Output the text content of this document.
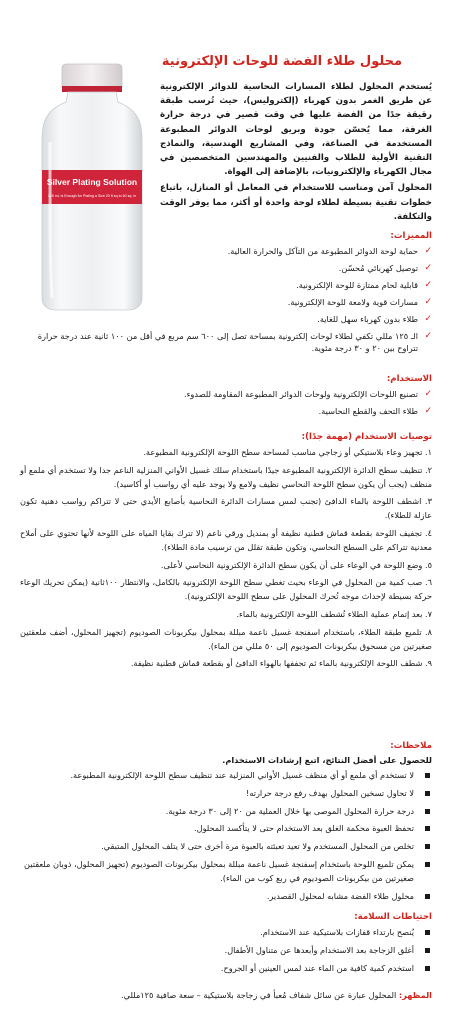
محلول طلاء الفضة للوحات الإلكترونية
Silver Plating Solution
125 mL is Enough for Plating a Size 20 ft sq to 60 sq. in

يُستخدم المحلول لطلاء المسارات النحاسية للدوائر الإلكترونية عن طريق الغمر بدون كهرباء (إلكتروليس)، حيث تُرسب طبقة رقيقة جدًا من الفضة عليها في وقت قصير في درجة حرارة الغرفة، مما يُحسّن جودة وبريق لوحات الدوائر المطبوعة المستخدمة في الصناعة، وفي المشاريع الهندسية، والنماذج التقنية الأولية للطلاب والفنيين والمهندسين المتخصصين في مجال الكهرباء والإلكترونيات، بالإضافة إلى الهواة.

المحلول آمن ومناسب للاستخدام في المعامل أو المنازل، باتباع خطوات تقنية بسيطة لطلاء لوحة واحدة أو أكثر، مما يوفر الوقت والتكلفة.

المميزات:
✓
حماية لوحة الدوائر المطبوعة من التآكل والحرارة العالية.
✓
توصيل كهربائي مُحسّن.
✓
قابلية لحام ممتازة للوحة الإلكترونية.
✓
مسارات قوية ولامعة للوحة الإلكترونية.
✓
طلاء بدون كهرباء سهل للغاية.
✓
الـ ١٢٥ مللي تكفي لطلاء لوحات إلكترونية بمساحة تصل إلى ٦٠٠ سم مربع في أقل من ١٠٠ ثانية عند درجة حرارة تتراوح بين ٢٠ و ٣٠ درجة مئوية.
الاستخدام:
✓
تصنيع اللوحات الإلكترونية ولوحات الدوائر المطبوعة المقاومة للصدوء.
✓
طلاء التحف والقطع النحاسية.
توصيات الاستخدام (مهمة جدًا):
١. تجهيز وعاء بلاستيكي أو زجاجي مناسب لمساحة سطح اللوحة الإلكترونية المطبوعة.
٢. تنظيف سطح الدائرة الإلكترونية المطبوعة جيدًا باستخدام سلك غسيل الأواني المنزلية الناعم جدا ولا تستخدم أي ملمع أو منظف (يجب أن يكون سطح اللوحة النحاسي نظيف ولامع ولا يوجد عليه أي رواسب أو أكاسيد).
٣. اشطف اللوحة بالماء الدافئ (تجنب لمس مسارات الدائرة النحاسية بأصابع الأيدي حتى لا تتراكم رواسب دهنية تكون عازلة للطلاء).
٤. تجفيف اللوحة بقطعة قماش قطنية نظيفة أو بمنديل ورقي ناعم (لا تترك بقايا المياه على اللوحة لأنها تحتوي على أملاح معدنية تتراكم على السطح النحاسي، وتكون طبقة تقلل من ترسيب مادة الطلاء).
٥. وضع اللوحة في الوعاء على أن يكون سطح الدائرة الإلكترونية النحاسي لأعلى.
٦. صب كمية من المحلول في الوعاء بحيث تغطي سطح اللوحة الإلكترونية بالكامل، والانتظار ١٠٠ثانية (يمكن تحريك الوعاء حركة بسيطة لإحداث موجه تُحرك المحلول على سطح اللوحة الإلكترونية).
٧. بعد إتمام عملية الطلاء تُشطف اللوحة الإلكترونية بالماء.
٨. تلميع طبقة الطلاء، باستخدام اسفنجة غسيل ناعمة مبللة بمحلول بيكربونات الصوديوم (تجهيز المحلول، أضف ملعقتين صغيرتين من مسحوق بيكربونات الصوديوم إلى ٥٠ مللي من الماء).
٩. شطف اللوحة الإلكترونية بالماء ثم تجففها بالهواء الدافئ أو بقطعة قماش قطنية نظيفة.
ملاحظات:
للحصول على أفضل النتائج، اتبع إرشادات الاستخدام.
لا تستخدم أي ملمع أو أي منظف غسيل الأواني المنزلية عند تنظيف سطح اللوحة الإلكترونية المطبوعة.
لا تحاول تسخين المحلول بهدف رفع درجة حرارته!
درجة حرارة المحلول الموصى بها خلال العملية من ٢٠ إلى ٣٠ درجة مئوية.
تحفظ العبوة محكمة الغلق بعد الاستخدام حتى لا يتأكسد المحلول.
تخلص من المحلول المستخدم ولا تعيد تعبئته بالعبوة مرة أخرى حتى لا يتلف المحلول المتبقي.
يمكن تلميع اللوحة باستخدام إسفنجة غسيل ناعمة مبللة بمحلول بيكربونات الصوديوم (تجهيز المحلول، ذوبان ملعقتين صغيرتين من بيكربونات الصوديوم في ربع كوب من الماء).
محلول طلاء الفضة مشابه لمحلول القصدير.
احتياطات السلامة:
يُنصح بارتداء قفازات بلاستيكية عند الاستخدام.
أغلق الزجاجة بعد الاستخدام وأبعدها عن متناول الأطفال.
استخدم كمية كافية من الماء عند لمس العينين أو الجروح.
المظهر: المحلول عبارة عن سائل شفاف مُعبأ في زجاجة بلاستيكية – سعة صافية ١٢٥مللي.
